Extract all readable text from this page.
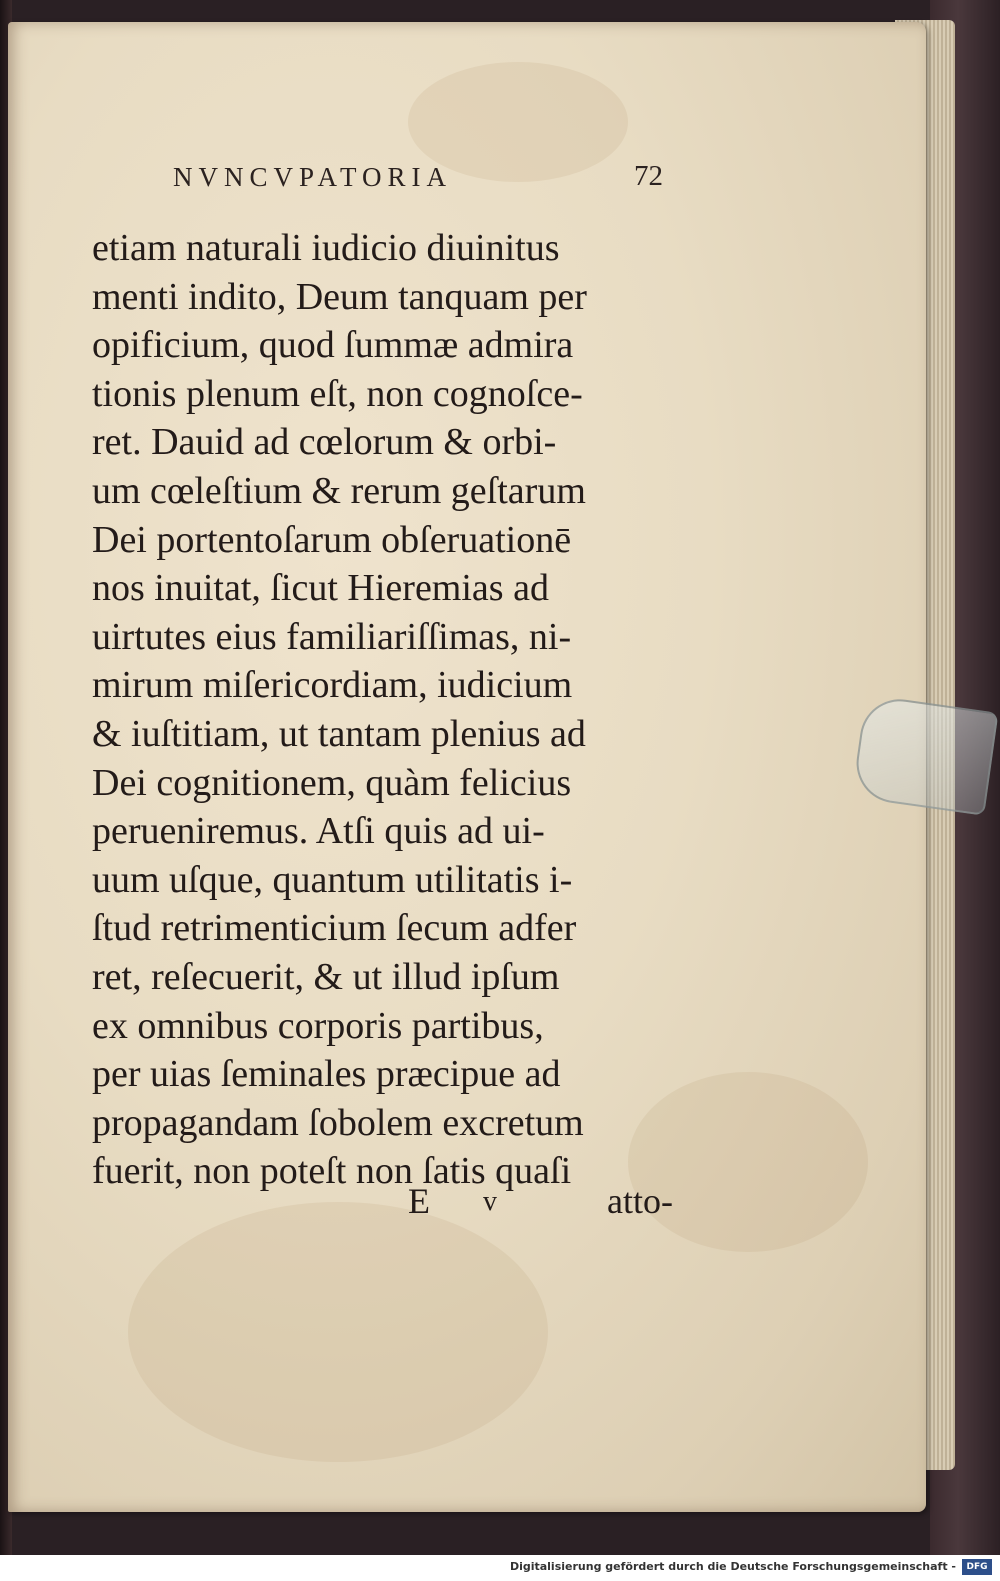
NVNCVPATORIA	72
etiam naturali iudicio diuinitus
menti indito, Deum tanquam per
opificium, quod ſummæ admira
tionis plenum eſt, non cognoſce-
ret. Dauid ad cœlorum & orbi-
um cœleſtium & rerum geſtarum
Dei portentoſarum obſeruationē
nos inuitat, ſicut Hieremias ad
uirtutes eius familiariſſimas, ni-
mirum miſericordiam, iudicium
& iuſtitiam, ut tantam plenius ad
Dei cognitionem, quàm felicius
perueniremus. Atſi quis ad ui-
uum uſque, quantum utilitatis i-
ſtud retrimenticium ſecum adfer
ret, reſecuerit, & ut illud ipſum
ex omnibus corporis partibus,
per uias ſeminales præcipue ad
propagandam ſobolem excretum
fuerit, non poteſt non ſatis quaſi
E v	atto-
Digitalisierung gefördert durch die Deutsche Forschungsgemeinschaft -	DFG
